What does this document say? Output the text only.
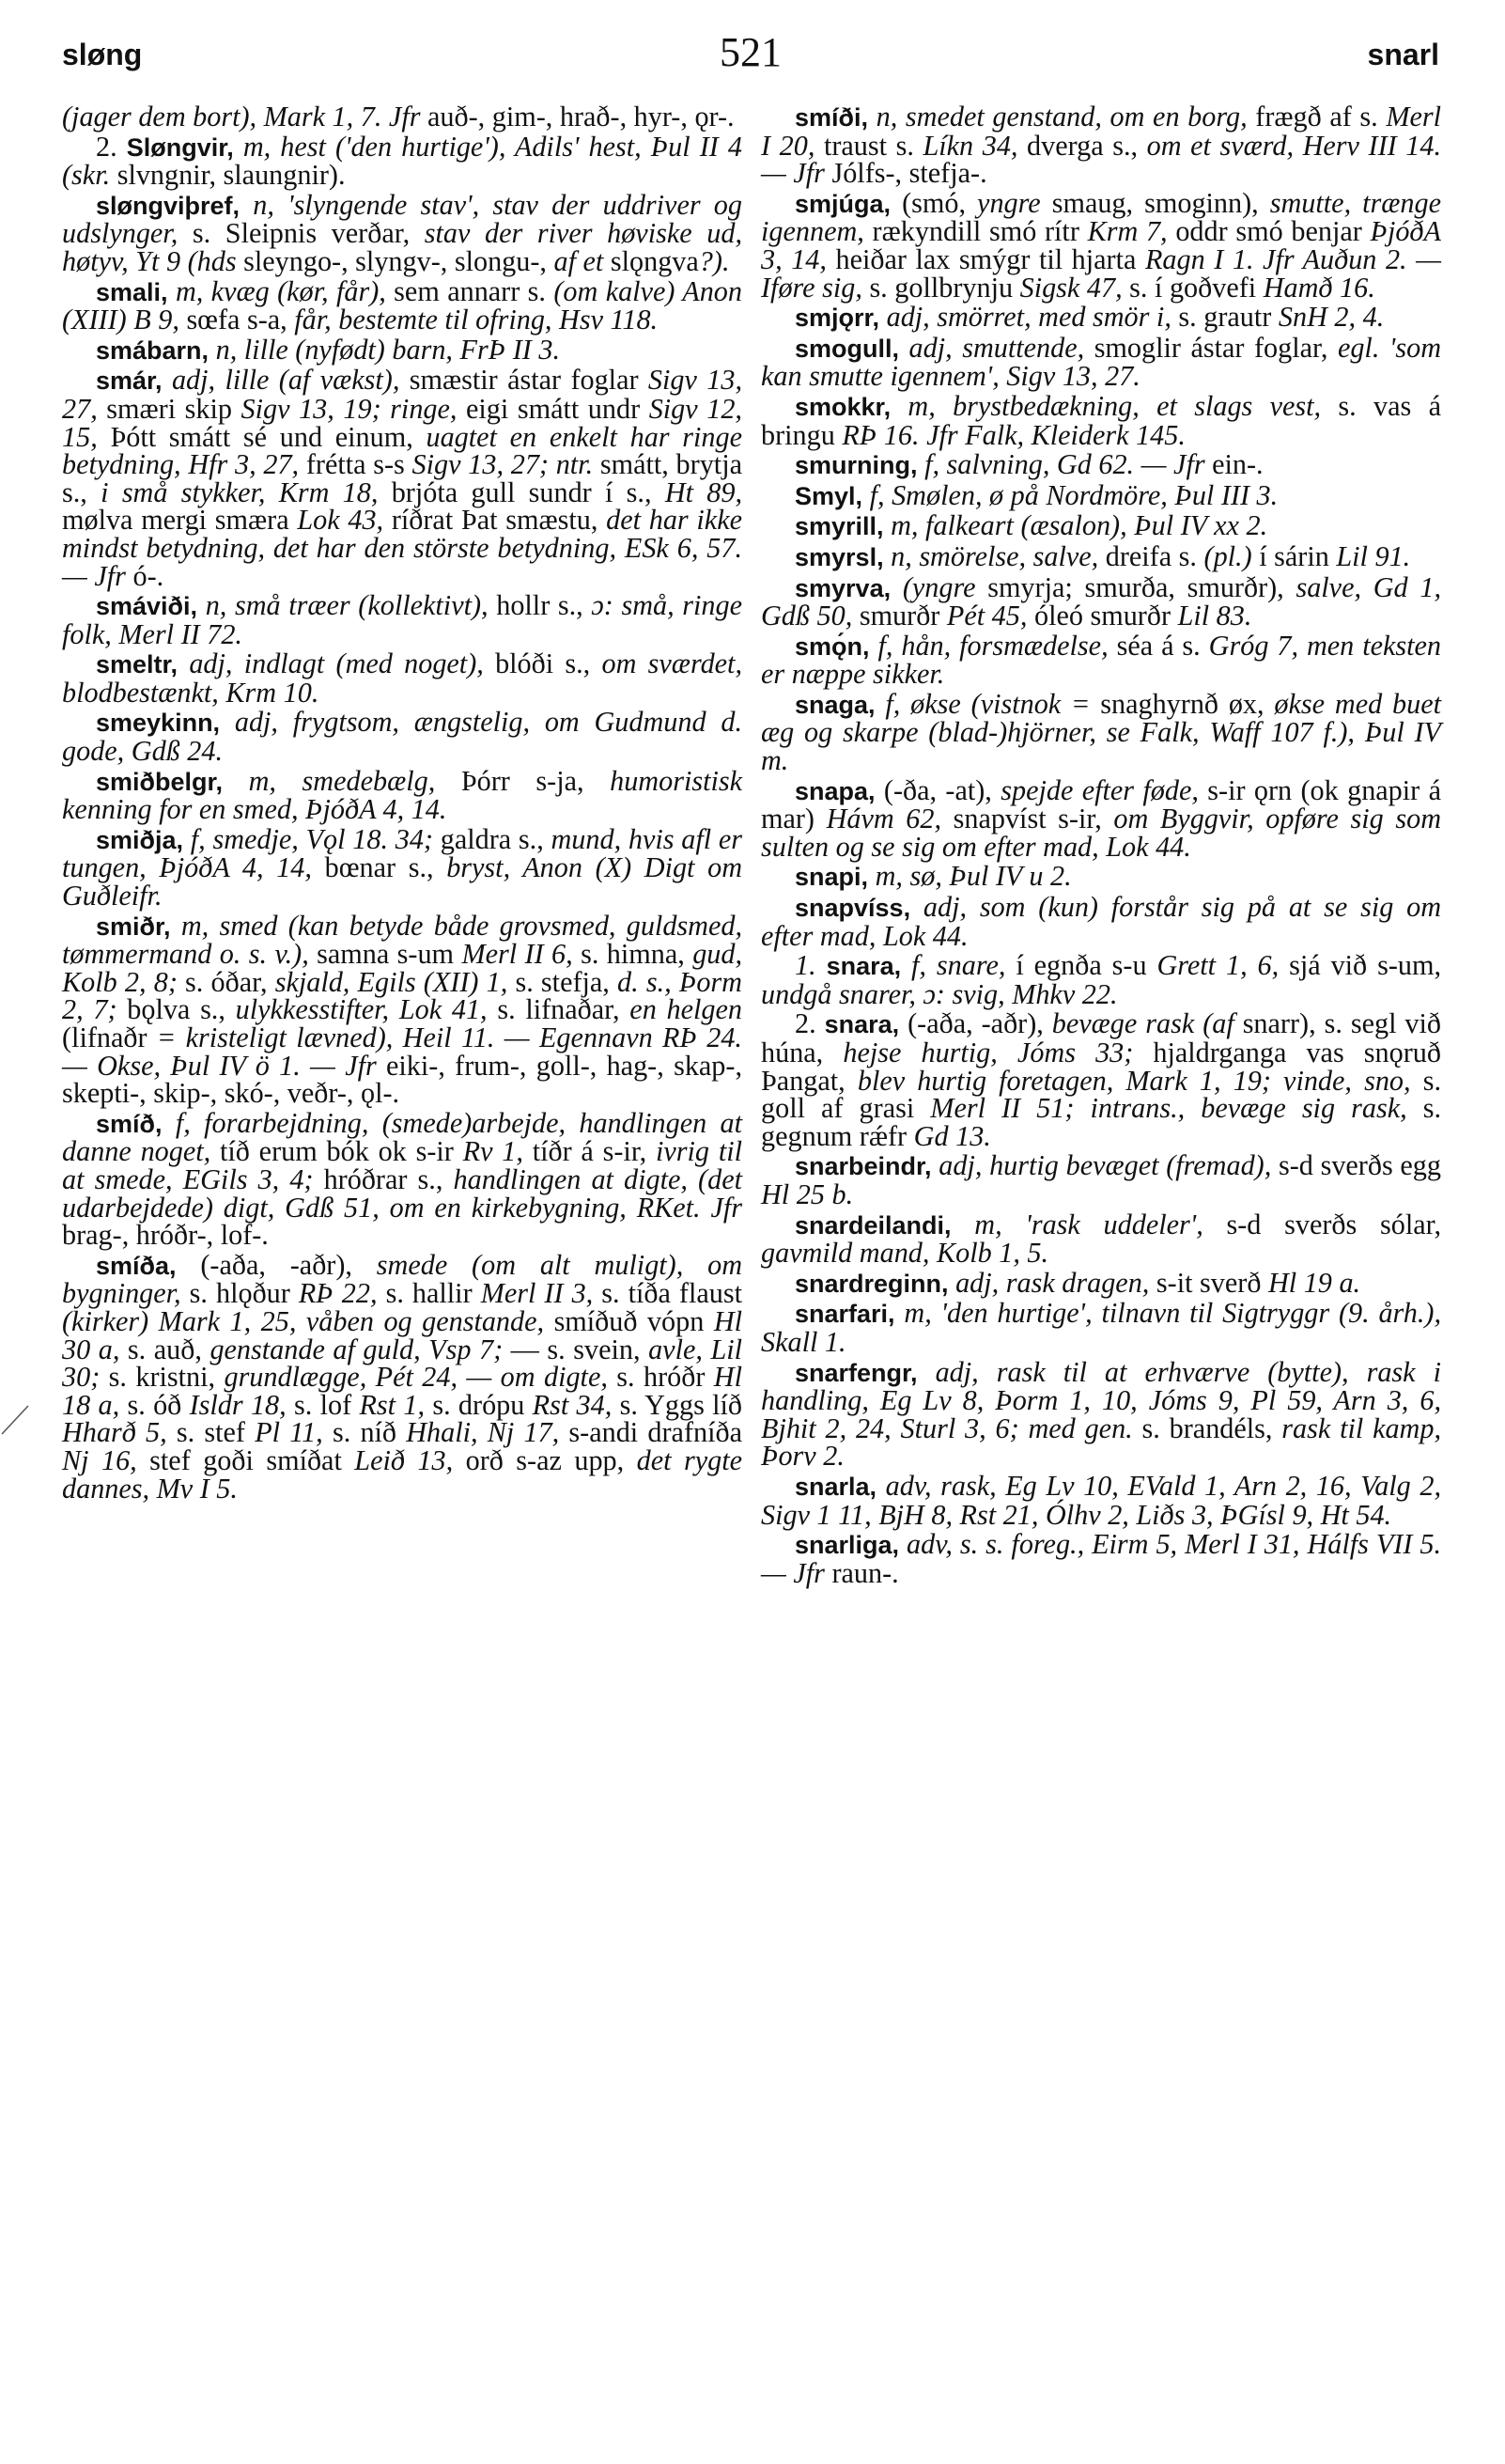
sløng	521	snarl

(jager dem bort), Mark 1, 7. Jfr auð-, gim-, hrað-, hyr-, ǫr-.

2. Sløngvir, m, hest ('den hurtige'), Adils' hest, Þul II 4 (skr. slvngnir, slaungnir).

sløngviþref, n, 'slyngende stav', stav der uddriver og udslynger, s. Sleipnis verðar, stav der river høviske ud, høtyv, Yt 9 (hds sleyngo-, slyngv-, slongu-, af et slǫngva?).

smali, m, kvæg (kør, får), sem annarr s. (om kalve) Anon (XIII) B 9, sœfa s-a, får, bestemte til ofring, Hsv 118.

smábarn, n, lille (nyfødt) barn, FrÞ II 3.

smár, adj, lille (af vækst), smæstir ástar foglar Sigv 13, 27, smæri skip Sigv 13, 19; ringe, eigi smátt undr Sigv 12, 15, Þótt smátt sé und einum, uagtet en enkelt har ringe betydning, Hfr 3, 27, frétta s-s Sigv 13, 27; ntr. smátt, brytja s., i små stykker, Krm 18, brjóta gull sundr í s., Ht 89, mølva mergi smæra Lok 43, ríðrat Þat smæstu, det har ikke mindst betydning, det har den störste betydning, ESk 6, 57. — Jfr ó-.

smáviði, n, små træer (kollektivt), hollr s., ɔ: små, ringe folk, Merl II 72.

smeltr, adj, indlagt (med noget), blóði s., om sværdet, blodbestænkt, Krm 10.

smeykinn, adj, frygtsom, ængstelig, om Gudmund d. gode, Gdß 24.

smiðbelgr, m, smedebælg, Þórr s-ja, humoristisk kenning for en smed, ÞjóðA 4, 14.

smiðja, f, smedje, Vǫl 18. 34; galdra s., mund, hvis afl er tungen, ÞjóðA 4, 14, bœnar s., bryst, Anon (X) Digt om Guðleifr.

smiðr, m, smed (kan betyde både grovsmed, guldsmed, tømmermand o. s. v.), samna s-um Merl II 6, s. himna, gud, Kolb 2, 8; s. óðar, skjald, Egils (XII) 1, s. stefja, d. s., Þorm 2, 7; bǫlva s., ulykkesstifter, Lok 41, s. lifnaðar, en helgen (lifnaðr = kristeligt lævned), Heil 11. — Egennavn RÞ 24. — Okse, Þul IV ö 1. — Jfr eiki-, frum-, goll-, hag-, skap-, skepti-, skip-, skó-, veðr-, ǫl-.

smíð, f, forarbejdning, (smede)arbejde, handlingen at danne noget, tíð erum bók ok s-ir Rv 1, tíðr á s-ir, ivrig til at smede, EGils 3, 4; hróðrar s., handlingen at digte, (det udarbejdede) digt, Gdß 51, om en kirkebygning, RKet. Jfr brag-, hróðr-, lof-.

smíða, (-aða, -aðr), smede (om alt muligt), om bygninger, s. hlǫður RÞ 22, s. hallir Merl II 3, s. tíða flaust (kirker) Mark 1, 25, våben og genstande, smíðuð vópn Hl 30 a, s. auð, genstande af guld, Vsp 7; — s. svein, avle, Lil 30; s. kristni, grundlægge, Pét 24, — om digte, s. hróðr Hl 18 a, s. óð Isldr 18, s. lof Rst 1, s. drópu Rst 34, s. Yggs líð Hharð 5, s. stef Pl 11, s. níð Hhali, Nj 17, s-andi drafníða Nj 16, stef goði smíðat Leið 13, orð s-az upp, det rygte dannes, Mv I 5.

smíði, n, smedet genstand, om en borg, frægð af s. Merl I 20, traust s. Líkn 34, dverga s., om et sværd, Herv III 14. — Jfr Jólfs-, stefja-.

smjúga, (smó, yngre smaug, smoginn), smutte, trænge igennem, rækyndill smó rítr Krm 7, oddr smó benjar ÞjóðA 3, 14, heiðar lax smýgr til hjarta Ragn I 1. Jfr Auðun 2. — Iføre sig, s. gollbrynju Sigsk 47, s. í goðvefi Hamð 16.

smjǫrr, adj, smörret, med smör i, s. grautr SnH 2, 4.

smogull, adj, smuttende, smoglir ástar foglar, egl. 'som kan smutte igennem', Sigv 13, 27.

smokkr, m, brystbedækning, et slags vest, s. vas á bringu RÞ 16. Jfr Falk, Kleiderk 145.

smurning, f, salvning, Gd 62. — Jfr ein-.

Smyl, f, Smølen, ø på Nordmöre, Þul III 3.

smyrill, m, falkeart (æsalon), Þul IV xx 2.

smyrsl, n, smörelse, salve, dreifa s. (pl.) í sárin Lil 91.

smyrva, (yngre smyrja; smurða, smurðr), salve, Gd 1, Gdß 50, smurðr Pét 45, óleó smurðr Lil 83.

smǫ́n, f, hån, forsmædelse, séa á s. Gróg 7, men teksten er næppe sikker.

snaga, f, økse (vistnok = snaghyrnð øx, økse med buet æg og skarpe (blad-)hjörner, se Falk, Waff 107 f.), Þul IV m.

snapa, (-ða, -at), spejde efter føde, s-ir ǫrn (ok gnapir á mar) Hávm 62, snapvíst s-ir, om Byggvir, opføre sig som sulten og se sig om efter mad, Lok 44.

snapi, m, sø, Þul IV u 2.

snapvíss, adj, som (kun) forstår sig på at se sig om efter mad, Lok 44.

1. snara, f, snare, í egnða s-u Grett 1, 6, sjá við s-um, undgå snarer, ɔ: svig, Mhkv 22.

2. snara, (-aða, -aðr), bevæge rask (af snarr), s. segl við húna, hejse hurtig, Jóms 33; hjaldrganga vas snǫruð Þangat, blev hurtig foretagen, Mark 1, 19; vinde, sno, s. goll af grasi Merl II 51; intrans., bevæge sig rask, s. gegnum rǽfr Gd 13.

snarbeindr, adj, hurtig bevæget (fremad), s-d sverðs egg Hl 25 b.

snardeilandi, m, 'rask uddeler', s-d sverðs sólar, gavmild mand, Kolb 1, 5.

snardreginn, adj, rask dragen, s-it sverð Hl 19 a.

snarfari, m, 'den hurtige', tilnavn til Sigtryggr (9. årh.), Skall 1.

snarfengr, adj, rask til at erhværve (bytte), rask i handling, Eg Lv 8, Þorm 1, 10, Jóms 9, Pl 59, Arn 3, 6, Bjhit 2, 24, Sturl 3, 6; med gen. s. brandéls, rask til kamp, Þorv 2.

snarla, adv, rask, Eg Lv 10, EVald 1, Arn 2, 16, Valg 2, Sigv 1 11, BjH 8, Rst 21, Ólhv 2, Liðs 3, ÞGísl 9, Ht 54.

snarliga, adv, s. s. foreg., Eirm 5, Merl I 31, Hálfs VII 5. — Jfr raun-.
